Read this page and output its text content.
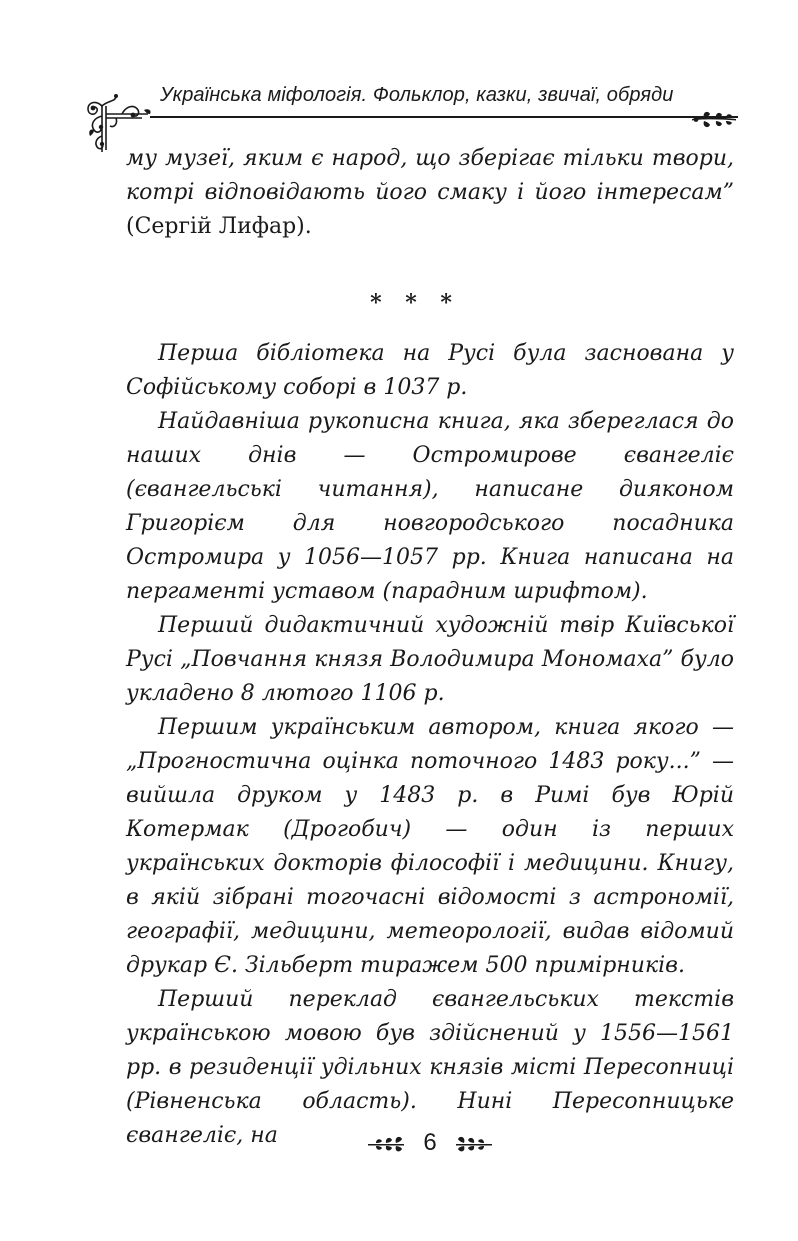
Українська міфологія. Фольклор, казки, звичаї, обряди
му музеї, яким є народ, що зберігає тільки твори,
котрі відповідають його смаку і його інтересам”
(Сергій Лифар).
* * *

Перша бібліотека на Русі була заснована у Софійському соборі в 1037 р.

Найдавніша рукописна книга, яка збереглася до наших днів — Остромирове євангеліє (євангельські читання), написане дияконом Григорієм для новгородського посадника Остромира у 1056—1057 рр. Книга написана на пергаменті уставом (парадним шрифтом).

Перший дидактичний художній твір Київської Русі „Повчання князя Володимира Мономаха” було укладено 8 лютого 1106 р.

Першим українським автором, книга якого — „Прогностична оцінка поточного 1483 року...” — вийшла друком у 1483 р. в Римі був Юрій Котермак (Дрогобич) — один із перших українських докторів філософії і медицини. Книгу, в якій зібрані тогочасні відомості з астрономії, географії, медицини, метеорології, видав відомий друкар Є. Зільберт тиражем 500 примірників.

Перший переклад євангельських текстів українською мовою був здійснений у 1556—1561 рр. в резиденції удільних князів місті Пересопниці (Рівненська область). Нині Пересопницьке євангеліє, на	6
